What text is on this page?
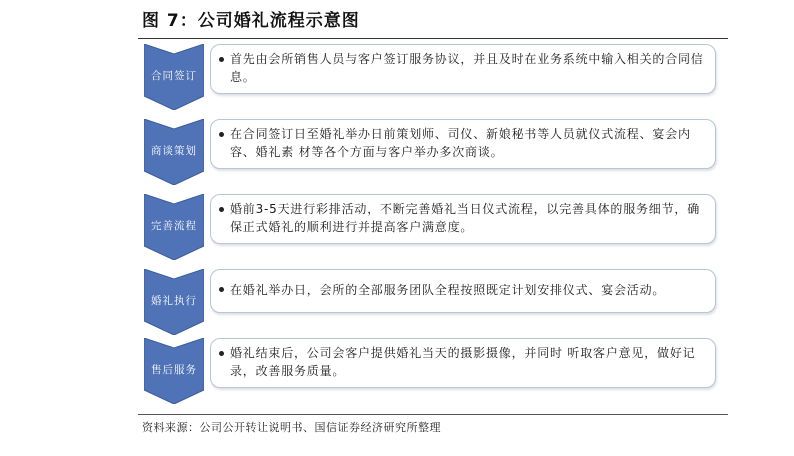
图 7：公司婚礼流程示意图
合同签订
首先由会所销售人员与客户签订服务协议，并且及时在业务系统中输入相关的合同信息。
商谈策划
在合同签订日至婚礼举办日前策划师、司仪、新娘秘书等人员就仪式流程、宴会内容、婚礼素 材等各个方面与客户举办多次商谈。
完善流程
婚前3-5天进行彩排活动，不断完善婚礼当日仪式流程，以完善具体的服务细节，确保正式婚礼的顺利进行并提高客户满意度。
婚礼执行
在婚礼举办日，会所的全部服务团队全程按照既定计划安排仪式、宴会活动。
售后服务
婚礼结束后，公司会客户提供婚礼当天的摄影摄像，并同时 听取客户意见，做好记录，改善服务质量。
资料来源：公司公开转让说明书、国信证券经济研究所整理
